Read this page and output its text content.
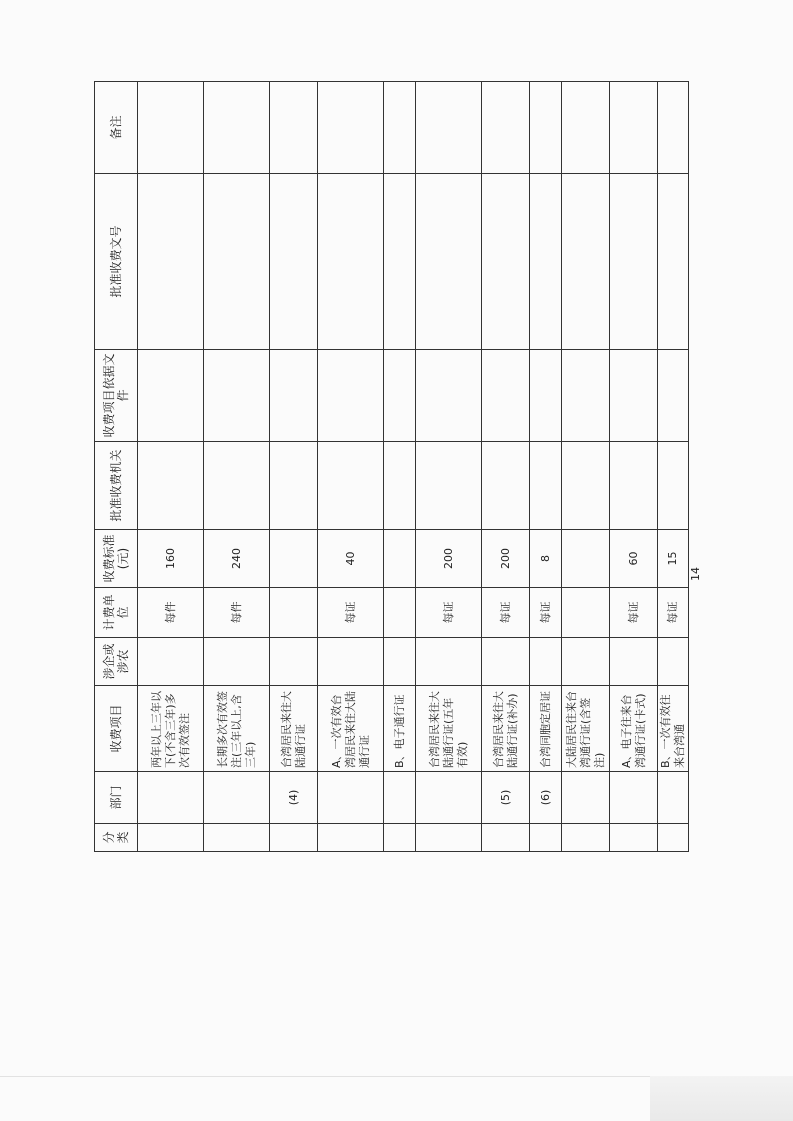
分类	部门	收费项目	涉企或涉农	计费单位	收费标准(元)	批准收费机关	收费项目依据文件	批准收费文号	备注
		两年以上三年以下(不含三年)多次有效签注		每件	160				
		长期多次有效签注(三年以上,含三年)		每件	240				
	(4)	台湾居民来往大陆通行证							
		A、一次有效台湾居民来往大陆通行证		每证	40				
		B、电子通行证							
		台湾居民来往大陆通行证(五年有效)		每证	200				
	(5)	台湾居民来往大陆通行证(补办)		每证	200				
	(6)	台湾同胞定居证		每证	8				
		大陆居民往来台湾通行证(含签注)							
		A、电子往来台湾通行证(卡式)		每证	60				
		B、一次有效往来台湾通		每证	15				
14
